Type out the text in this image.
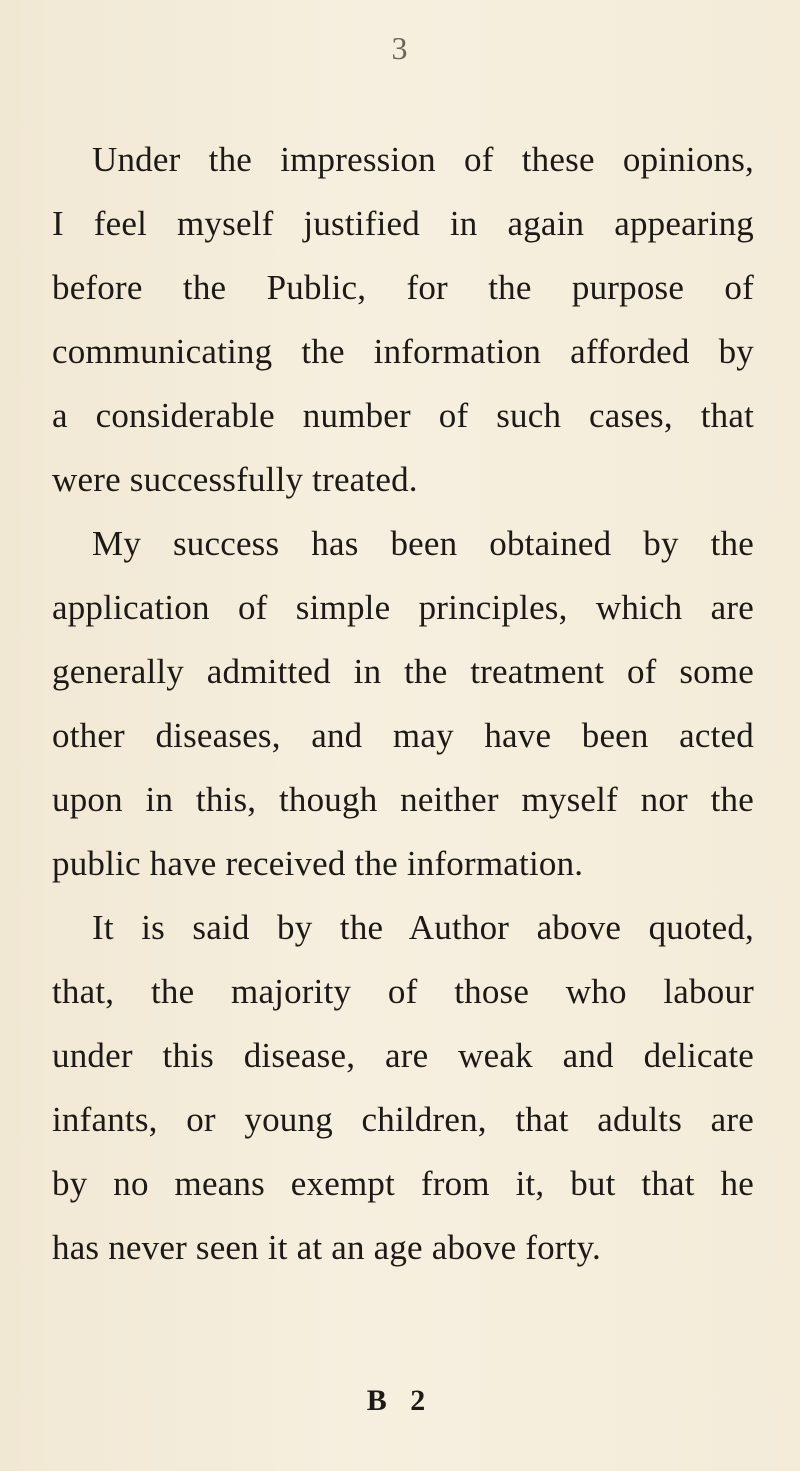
3
Under the impression of these opinions,
I feel myself justified in again appearing
before the Public, for the purpose of
communicating the information afforded by
a considerable number of such cases, that
were successfully treated.
My success has been obtained by the
application of simple principles, which are
generally admitted in the treatment of some
other diseases, and may have been acted
upon in this, though neither myself nor the
public have received the information.
It is said by the Author above quoted,
that, the majority of those who labour
under this disease, are weak and delicate
infants, or young children, that adults are
by no means exempt from it, but that he
has never seen it at an age above forty.
B 2
